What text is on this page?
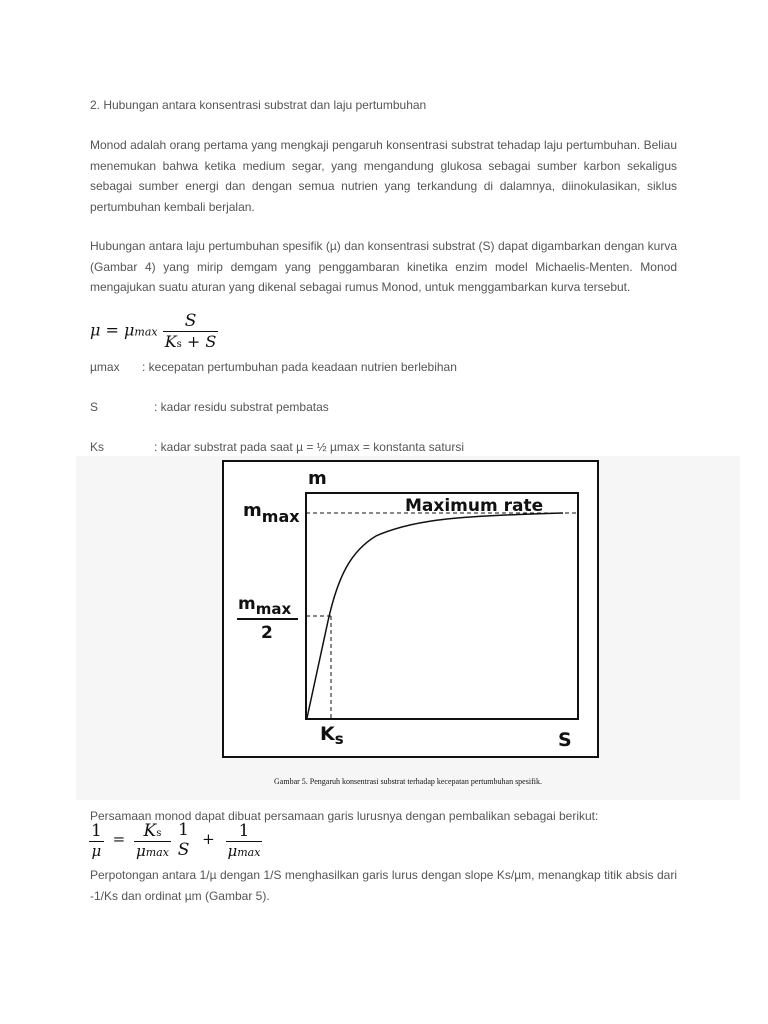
2. Hubungan antara konsentrasi substrat dan laju pertumbuhan
Monod adalah orang pertama yang mengkaji pengaruh konsentrasi substrat tehadap laju pertumbuhan. Beliau menemukan bahwa ketika medium segar, yang mengandung glukosa sebagai sumber karbon sekaligus sebagai sumber energi dan dengan semua nutrien yang terkandung di dalamnya, diinokulasikan, siklus pertumbuhan kembali berjalan.
Hubungan antara laju pertumbuhan spesifik (µ) dan konsentrasi substrat (S) dapat digambarkan dengan kurva (Gambar 4) yang mirip demgam yang penggambaran kinetika enzim model Michaelis-Menten. Monod mengajukan suatu aturan yang dikenal sebagai rumus Monod, untuk menggambarkan kurva tersebut.
μ = μmax $\frac{S}{Ks + S}$
µmax : kecepatan pertumbuhan pada keadaan nutrien berlebihan
S	: kadar residu substrat pembatas
Ks	: kadar substrat pada saat µ = ½ µmax = konstanta satursi
m
mmax
mmax
2
Maximum rate
$K_s$	S
Gambar 5. Pengaruh konsentrasi substrat terhadap kecepatan pertumbuhan spesifik.
Persamaan monod dapat dibuat persamaan garis lurusnya dengan pembalikan sebagai berikut:
$\frac{1}{\mu} = \frac{Ks}{\mu\max}$
1
S
+ $\frac{1}{\mu\max}$
Perpotongan antara 1/µ dengan 1/S menghasilkan garis lurus dengan slope Ks/µm, menangkap titik absis dari -1/Ks dan ordinat µm (Gambar 5).
